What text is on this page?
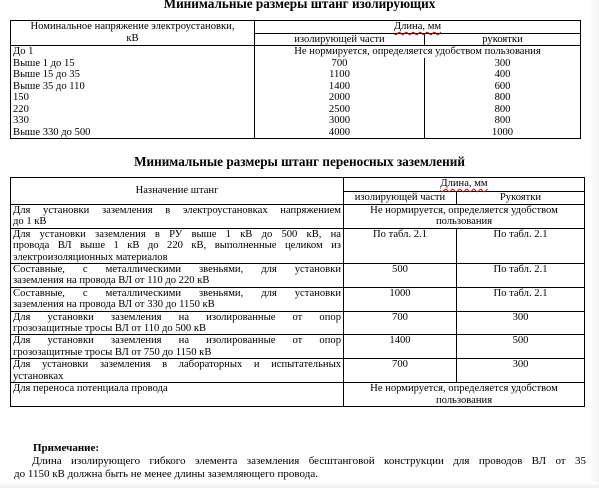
Минимальные размеры штанг изолирующих
Номинальное напряжение электроустановки,
кВ	Длина, мм	
	изолирующей части	рукоятки
До 1	Не нормируется, определяется удобством пользования	
Выше 1 до 15	700	300
Выше 15 до 35	1100	400
Выше 35 до 110	1400	600
150	2000	800
220	2500	800
330	3000	800
Выше 330 до 500	4000	1000
Минимальные размеры штанг переносных заземлений
Назначение штанг	Длина, мм	
	изолирующей части	Рукоятки

Для установки заземления в электроустановках напряжением
до 1 кВ	Не нормируется, определяется удобством
пользования	

Для установки заземления в РУ выше 1 кВ до 500 кВ, на
провода ВЛ выше 1 кВ до 220 кВ, выполненные целиком из
электроизоляционных материалов	По табл. 2.1	По табл. 2.1

Составные, с металлическими звеньями, для установки
заземления на провода ВЛ от 110 до 220 кВ	500	По табл. 2.1

Составные, с металлическими звеньями, для установки
заземления на провода ВЛ от 330 до 1150 кВ	1000	По табл. 2.1

Для установки заземления на изолированные от опор
грозозащитные тросы ВЛ от 110 до 500 кВ	700	300

Для установки заземления на изолированные от опор
грозозащитные тросы ВЛ от 750 до 1150 кВ	1400	500

Для установки заземления в лабораторных и испытательных
установках	700	300

Для переноса потенциала провода	Не нормируется, определяется удобством
пользования	
Примечание:
Длина изолирующего гибкого элемента заземления бесштанговой конструкции для проводов ВЛ от 35
до 1150 кВ должна быть не менее длины заземляющего провода.
